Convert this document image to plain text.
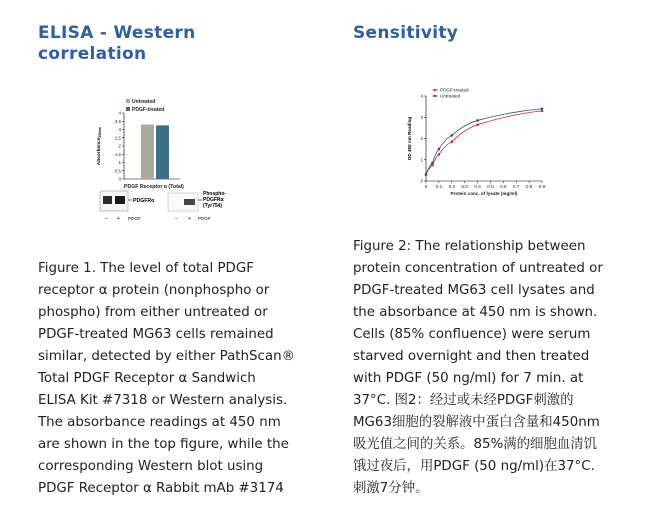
ELISA - Western
correlation
Untreated
PDGF-treated
0
0.5
1
1.5
2
2.5
3
3.5
4
Absorbance$_{450nm}$
PDGF Receptor α (Total)
PDGFRα
– + PDGF
Phospho-
PDGFRα
(Tyr754)
– + PDGF
Figure 1. The level of total PDGF
receptor α protein (nonphospho or
phospho) from either untreated or
PDGF-treated MG63 cells remained
similar, detected by either PathScan®
Total PDGF Receptor α Sandwich
ELISA Kit #7318 or Western analysis.
The absorbance readings at 450 nm
are shown in the top figure, while the
corresponding Western blot using
PDGF Receptor α Rabbit mAb #3174
Sensitivity
0
1
2
3
4
0 0.1 0.2 0.3 0.4 0.5 0.6 0.7 0.8 0.9
Protein conc. of lysate (mg/ml)
OD 450 nm Reading
PDGF-treated
Untreated
Figure 2: The relationship between
protein concentration of untreated or
PDGF-treated MG63 cell lysates and
the absorbance at 450 nm is shown.
Cells (85% confluence) were serum
starved overnight and then treated
with PDGF (50 ng/ml) for 7 min. at
37°C. 图2：经过或未经PDGF刺激的
MG63细胞的裂解液中蛋白含量和450nm
吸光值之间的关系。85%满的细胞血清饥
饿过夜后，用PDGF (50 ng/ml)在37°C.
刺激7分钟。
